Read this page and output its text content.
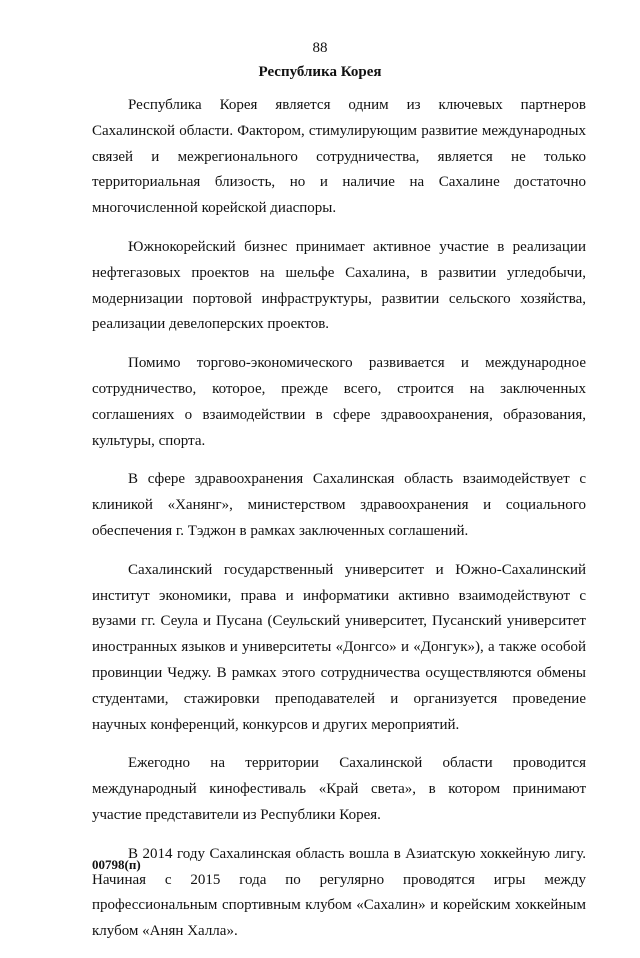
88
Республика Корея

Республика Корея является одним из ключевых партнеров Сахалинской области. Фактором, стимулирующим развитие международных связей и межрегионального сотрудничества, является не только территориальная близость, но и наличие на Сахалине достаточно многочисленной корейской диаспоры.

Южнокорейский бизнес принимает активное участие в реализации нефтегазовых проектов на шельфе Сахалина, в развитии угледобычи, модернизации портовой инфраструктуры, развитии сельского хозяйства, реализации девелоперских проектов.

Помимо торгово-экономического развивается и международное сотрудничество, которое, прежде всего, строится на заключенных соглашениях о взаимодействии в сфере здравоохранения, образования, культуры, спорта.

В сфере здравоохранения Сахалинская область взаимодействует с клиникой «Ханянг», министерством здравоохранения и социального обеспечения г. Тэджон в рамках заключенных соглашений.

Сахалинский государственный университет и Южно-Сахалинский институт экономики, права и информатики активно взаимодействуют с вузами гг. Сеула и Пусана (Сеульский университет, Пусанский университет иностранных языков и университеты «Донгсо» и «Донгук»), а также особой провинции Чеджу. В рамках этого сотрудничества осуществляются обмены студентами, стажировки преподавателей и организуется проведение научных конференций, конкурсов и других мероприятий.

Ежегодно на территории Сахалинской области проводится международный кинофестиваль «Край света», в котором принимают участие представители из Республики Корея.

В 2014 году Сахалинская область вошла в Азиатскую хоккейную лигу. Начиная с 2015 года по регулярно проводятся игры между профессиональным спортивным клубом «Сахалин» и корейским хоккейным клубом «Анян Халла».

00798(п)
